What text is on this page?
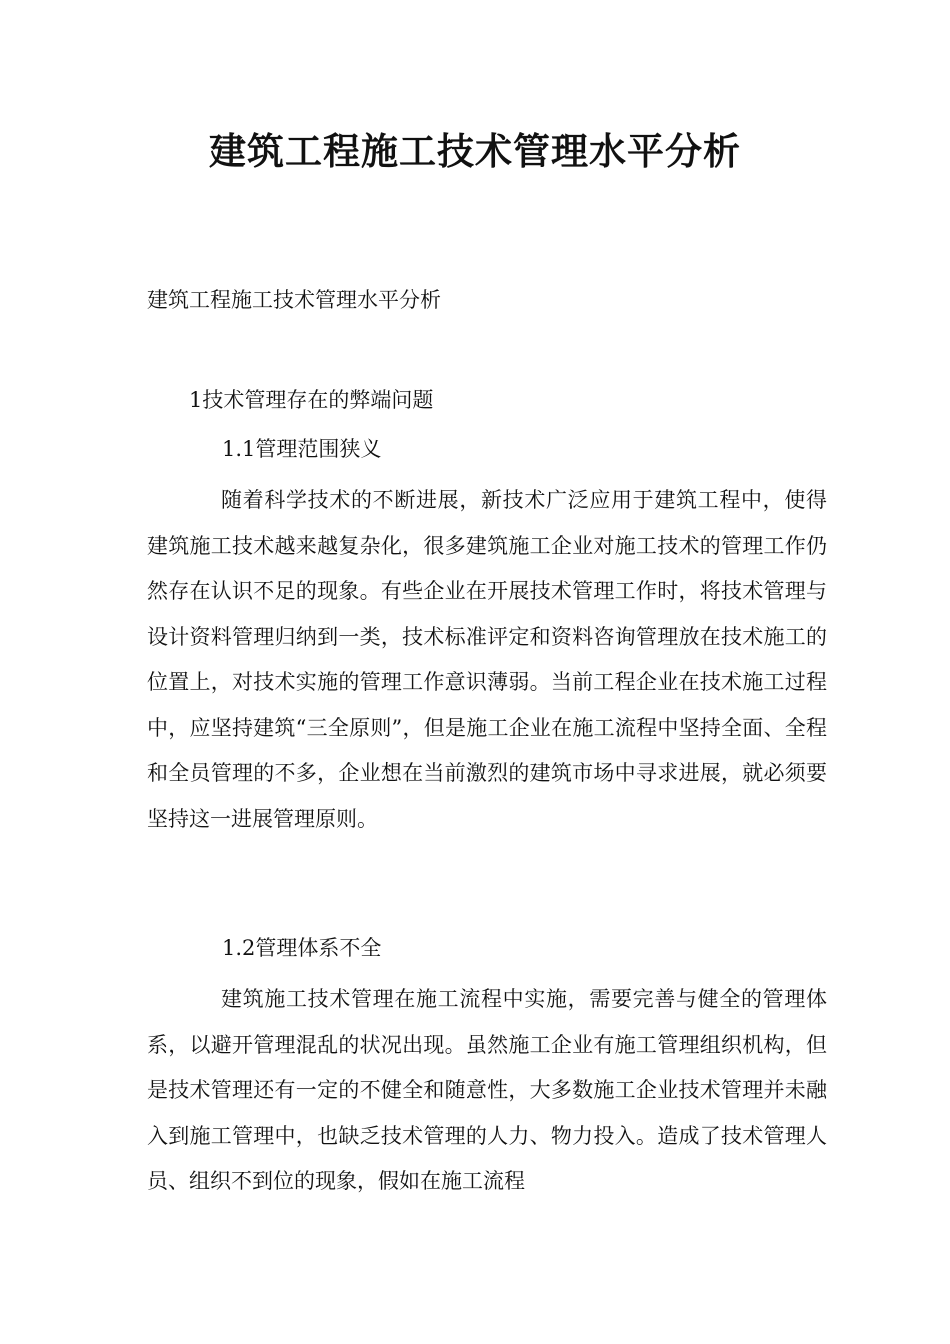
建筑工程施工技术管理水平分析

建筑工程施工技术管理水平分析

1技术管理存在的弊端问题

1.1管理范围狭义

随着科学技术的不断进展，新技术广泛应用于建筑工程中，使得建筑施工技术越来越复杂化，很多建筑施工企业对施工技术的管理工作仍然存在认识不足的现象。有些企业在开展技术管理工作时，将技术管理与设计资料管理归纳到一类，技术标准评定和资料咨询管理放在技术施工的位置上，对技术实施的管理工作意识薄弱。当前工程企业在技术施工过程中，应坚持建筑“三全原则”，但是施工企业在施工流程中坚持全面、全程和全员管理的不多，企业想在当前激烈的建筑市场中寻求进展，就必须要坚持这一进展管理原则。

1.2管理体系不全

建筑施工技术管理在施工流程中实施，需要完善与健全的管理体系，以避开管理混乱的状况出现。虽然施工企业有施工管理组织机构，但是技术管理还有一定的不健全和随意性，大多数施工企业技术管理并未融入到施工管理中，也缺乏技术管理的人力、物力投入。造成了技术管理人员、组织不到位的现象，假如在施工流程
